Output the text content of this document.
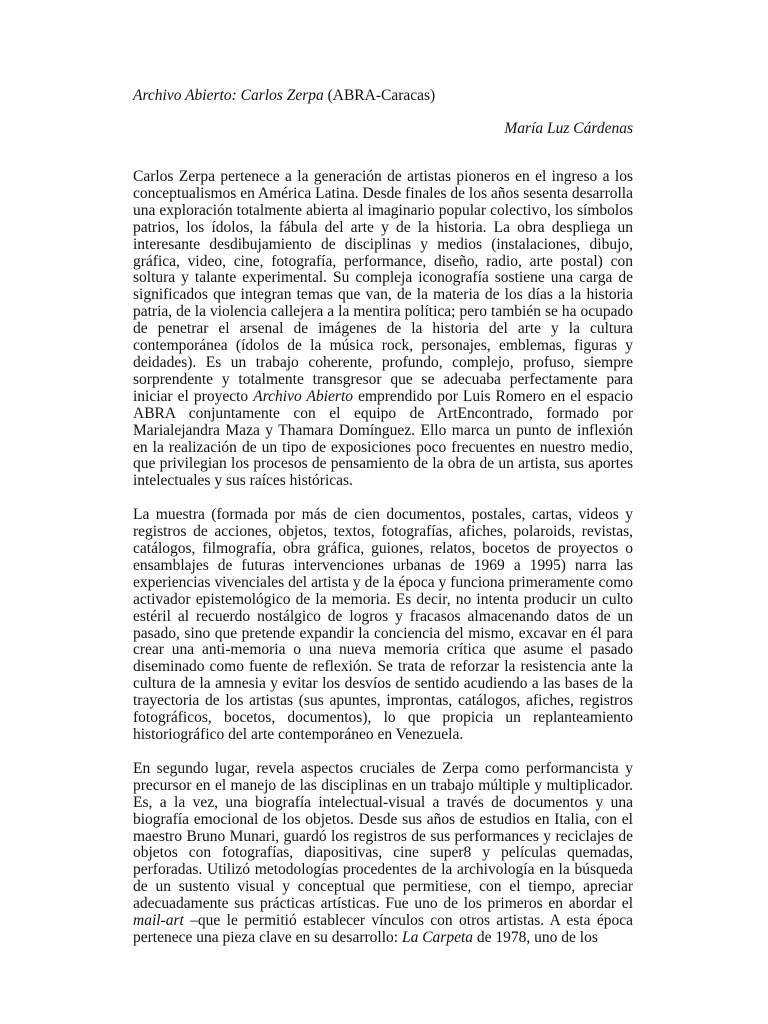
Archivo Abierto: Carlos Zerpa (ABRA-Caracas)

María Luz Cárdenas

Carlos Zerpa pertenece a la generación de artistas pioneros en el ingreso a los conceptualismos en América Latina. Desde finales de los años sesenta desarrolla una exploración totalmente abierta al imaginario popular colectivo, los símbolos patrios, los ídolos, la fábula del arte y de la historia. La obra despliega un interesante desdibujamiento de disciplinas y medios (instalaciones, dibujo, gráfica, video, cine, fotografía, performance, diseño, radio, arte postal) con soltura y talante experimental. Su compleja iconografía sostiene una carga de significados que integran temas que van, de la materia de los días a la historia patria, de la violencia callejera a la mentira política; pero también se ha ocupado de penetrar el arsenal de imágenes de la historia del arte y la cultura contemporánea (ídolos de la música rock, personajes, emblemas, figuras y deidades). Es un trabajo coherente, profundo, complejo, profuso, siempre sorprendente y totalmente transgresor que se adecuaba perfectamente para iniciar el proyecto Archivo Abierto emprendido por Luis Romero en el espacio ABRA conjuntamente con el equipo de ArtEncontrado, formado por Marialejandra Maza y Thamara Domínguez. Ello marca un punto de inflexión en la realización de un tipo de exposiciones poco frecuentes en nuestro medio, que privilegian los procesos de pensamiento de la obra de un artista, sus aportes intelectuales y sus raíces históricas.

La muestra (formada por más de cien documentos, postales, cartas, videos y registros de acciones, objetos, textos, fotografías, afiches, polaroids, revistas, catálogos, filmografía, obra gráfica, guiones, relatos, bocetos de proyectos o ensamblajes de futuras intervenciones urbanas de 1969 a 1995) narra las experiencias vivenciales del artista y de la época y funciona primeramente como activador epistemológico de la memoria. Es decir, no intenta producir un culto estéril al recuerdo nostálgico de logros y fracasos almacenando datos de un pasado, sino que pretende expandir la conciencia del mismo, excavar en él para crear una anti-memoria o una nueva memoria crítica que asume el pasado diseminado como fuente de reflexión. Se trata de reforzar la resistencia ante la cultura de la amnesia y evitar los desvíos de sentido acudiendo a las bases de la trayectoria de los artistas (sus apuntes, improntas, catálogos, afiches, registros fotográficos, bocetos, documentos), lo que propicia un replanteamiento historiográfico del arte contemporáneo en Venezuela.

En segundo lugar, revela aspectos cruciales de Zerpa como performancista y precursor en el manejo de las disciplinas en un trabajo múltiple y multiplicador. Es, a la vez, una biografía intelectual-visual a través de documentos y una biografía emocional de los objetos. Desde sus años de estudios en Italia, con el maestro Bruno Munari, guardó los registros de sus performances y reciclajes de objetos con fotografías, diapositivas, cine super8 y películas quemadas, perforadas. Utilizó metodologías procedentes de la archivología en la búsqueda de un sustento visual y conceptual que permitiese, con el tiempo, apreciar adecuadamente sus prácticas artísticas. Fue uno de los primeros en abordar el mail-art –que le permitió establecer vínculos con otros artistas. A esta época pertenece una pieza clave en su desarrollo: La Carpeta de 1978, uno de los
